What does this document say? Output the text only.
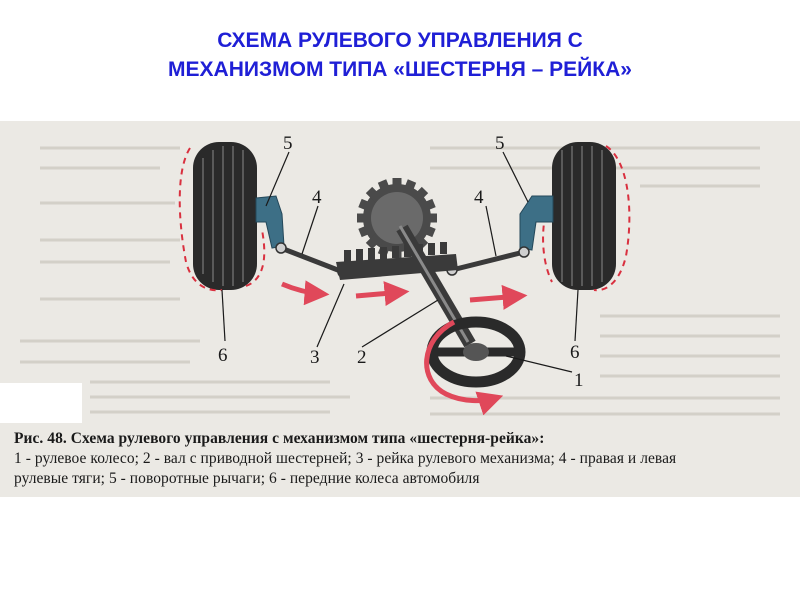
СХЕМА РУЛЕВОГО УПРАВЛЕНИЯ С
МЕХАНИЗМОМ ТИПА «ШЕСТЕРНЯ – РЕЙКА»
5
4
5
4
6	3 2	6
1
Рис. 48. Схема рулевого управления с механизмом типа «шестерня-рейка»:
1 - рулевое колесо; 2 - вал с приводной шестерней; 3 - рейка рулевого механизма; 4 - правая и левая
рулевые тяги; 5 - поворотные рычаги; 6 - передние колеса автомобиля
